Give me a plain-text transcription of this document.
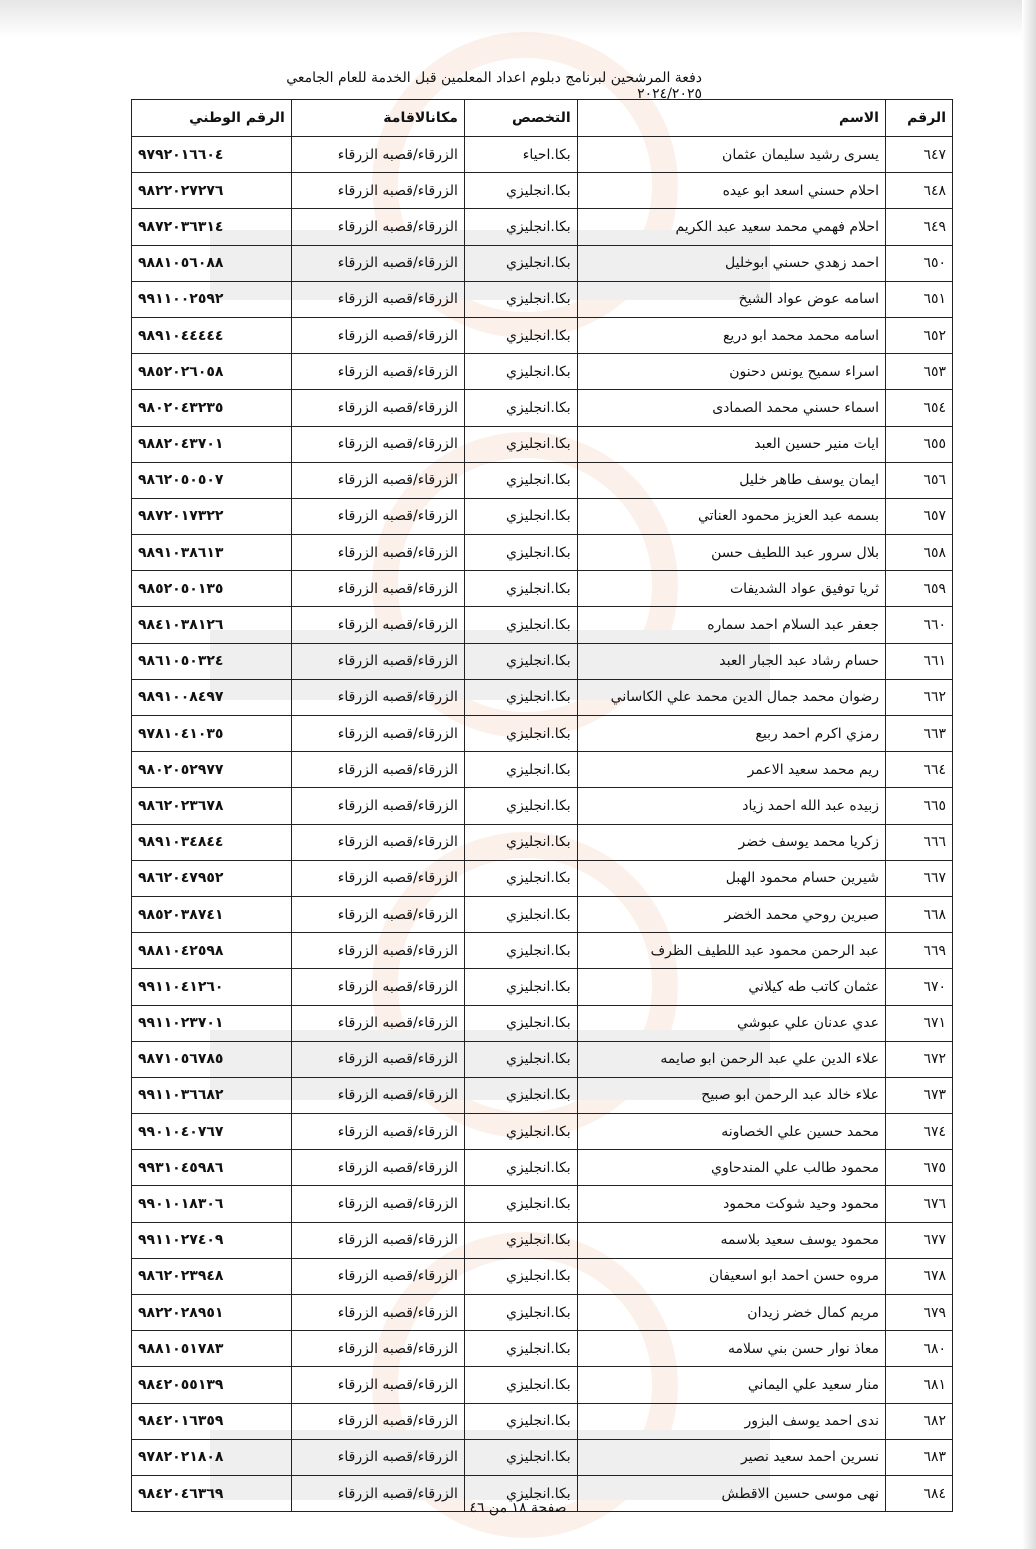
دفعة المرشحين لبرنامج دبلوم اعداد المعلمين قبل الخدمة للعام الجامعي ٢٠٢٤/٢٠٢٥
الرقم	الاسم	التخصص	مكانالاقامة	الرقم الوطني
٦٤٧	يسرى رشيد سليمان عثمان	بكا.احياء	الزرقاء/قصبه الزرقاء	٩٧٩٢٠١٦٦٠٤
٦٤٨	احلام حسني اسعد ابو عيده	بكا.انجليزي	الزرقاء/قصبه الزرقاء	٩٨٢٢٠٢٧٢٧٦
٦٤٩	احلام فهمي محمد سعيد عبد الكريم	بكا.انجليزي	الزرقاء/قصبه الزرقاء	٩٨٧٢٠٣٦٣١٤
٦٥٠	احمد زهدي حسني ابوخليل	بكا.انجليزي	الزرقاء/قصبه الزرقاء	٩٨٨١٠٥٦٠٨٨
٦٥١	اسامه عوض عواد الشيخ	بكا.انجليزي	الزرقاء/قصبه الزرقاء	٩٩١١٠٠٢٥٩٢
٦٥٢	اسامه محمد محمد ابو دريع	بكا.انجليزي	الزرقاء/قصبه الزرقاء	٩٨٩١٠٤٤٤٤٤
٦٥٣	اسراء سميح يونس دحنون	بكا.انجليزي	الزرقاء/قصبه الزرقاء	٩٨٥٢٠٢٦٠٥٨
٦٥٤	اسماء حسني محمد الصمادى	بكا.انجليزي	الزرقاء/قصبه الزرقاء	٩٨٠٢٠٤٣٢٣٥
٦٥٥	ايات منير حسين العبد	بكا.انجليزي	الزرقاء/قصبه الزرقاء	٩٨٨٢٠٤٣٧٠١
٦٥٦	ايمان يوسف طاهر خليل	بكا.انجليزي	الزرقاء/قصبه الزرقاء	٩٨٦٢٠٥٠٥٠٧
٦٥٧	بسمه عبد العزيز محمود العناتي	بكا.انجليزي	الزرقاء/قصبه الزرقاء	٩٨٧٢٠١٧٣٢٢
٦٥٨	بلال سرور عبد اللطيف حسن	بكا.انجليزي	الزرقاء/قصبه الزرقاء	٩٨٩١٠٣٨٦١٣
٦٥٩	ثريا توفيق عواد الشديفات	بكا.انجليزي	الزرقاء/قصبه الزرقاء	٩٨٥٢٠٥٠١٣٥
٦٦٠	جعفر عبد السلام احمد سماره	بكا.انجليزي	الزرقاء/قصبه الزرقاء	٩٨٤١٠٣٨١٢٦
٦٦١	حسام رشاد عبد الجبار العبد	بكا.انجليزي	الزرقاء/قصبه الزرقاء	٩٨٦١٠٥٠٣٢٤
٦٦٢	رضوان محمد جمال الدين محمد علي الكاساني	بكا.انجليزي	الزرقاء/قصبه الزرقاء	٩٨٩١٠٠٨٤٩٧
٦٦٣	رمزي اكرم احمد ربيع	بكا.انجليزي	الزرقاء/قصبه الزرقاء	٩٧٨١٠٤١٠٣٥
٦٦٤	ريم محمد سعيد الاعمر	بكا.انجليزي	الزرقاء/قصبه الزرقاء	٩٨٠٢٠٥٢٩٧٧
٦٦٥	زبيده عبد الله احمد زياد	بكا.انجليزي	الزرقاء/قصبه الزرقاء	٩٨٦٢٠٢٣٦٧٨
٦٦٦	زكريا محمد يوسف خضر	بكا.انجليزي	الزرقاء/قصبه الزرقاء	٩٨٩١٠٣٤٨٤٤
٦٦٧	شيرين حسام محمود الهبل	بكا.انجليزي	الزرقاء/قصبه الزرقاء	٩٨٦٢٠٤٧٩٥٢
٦٦٨	صبرين روحي محمد الخضر	بكا.انجليزي	الزرقاء/قصبه الزرقاء	٩٨٥٢٠٣٨٧٤١
٦٦٩	عبد الرحمن محمود عبد اللطيف الظرف	بكا.انجليزي	الزرقاء/قصبه الزرقاء	٩٨٨١٠٤٢٥٩٨
٦٧٠	عثمان كاتب طه كيلاني	بكا.انجليزي	الزرقاء/قصبه الزرقاء	٩٩١١٠٤١٢٦٠
٦٧١	عدي عدنان علي عبوشي	بكا.انجليزي	الزرقاء/قصبه الزرقاء	٩٩١١٠٢٣٧٠١
٦٧٢	علاء الدين علي عبد الرحمن ابو صايمه	بكا.انجليزي	الزرقاء/قصبه الزرقاء	٩٨٧١٠٥٦٧٨٥
٦٧٣	علاء خالد عبد الرحمن ابو صبيح	بكا.انجليزي	الزرقاء/قصبه الزرقاء	٩٩١١٠٣٦٦٨٢
٦٧٤	محمد حسين علي الخصاونه	بكا.انجليزي	الزرقاء/قصبه الزرقاء	٩٩٠١٠٤٠٧٦٧
٦٧٥	محمود طالب علي المندحاوي	بكا.انجليزي	الزرقاء/قصبه الزرقاء	٩٩٣١٠٤٥٩٨٦
٦٧٦	محمود وحيد شوكت محمود	بكا.انجليزي	الزرقاء/قصبه الزرقاء	٩٩٠١٠١٨٣٠٦
٦٧٧	محمود يوسف سعيد بلاسمه	بكا.انجليزي	الزرقاء/قصبه الزرقاء	٩٩١١٠٢٧٤٠٩
٦٧٨	مروه حسن احمد ابو اسعيفان	بكا.انجليزي	الزرقاء/قصبه الزرقاء	٩٨٦٢٠٢٣٩٤٨
٦٧٩	مريم كمال خضر زيدان	بكا.انجليزي	الزرقاء/قصبه الزرقاء	٩٨٢٢٠٢٨٩٥١
٦٨٠	معاذ نوار حسن بني سلامه	بكا.انجليزي	الزرقاء/قصبه الزرقاء	٩٨٨١٠٥١٧٨٣
٦٨١	منار سعيد علي اليماني	بكا.انجليزي	الزرقاء/قصبه الزرقاء	٩٨٤٢٠٥٥١٣٩
٦٨٢	ندى احمد يوسف البزور	بكا.انجليزي	الزرقاء/قصبه الزرقاء	٩٨٤٢٠١٦٣٥٩
٦٨٣	نسرين احمد سعيد نصير	بكا.انجليزي	الزرقاء/قصبه الزرقاء	٩٧٨٢٠٢١٨٠٨
٦٨٤	نهى موسى حسين الاقطش	بكا.انجليزي	الزرقاء/قصبه الزرقاء	٩٨٤٢٠٤٦٣٦٩
صفحة ١٨ من ٤٦
